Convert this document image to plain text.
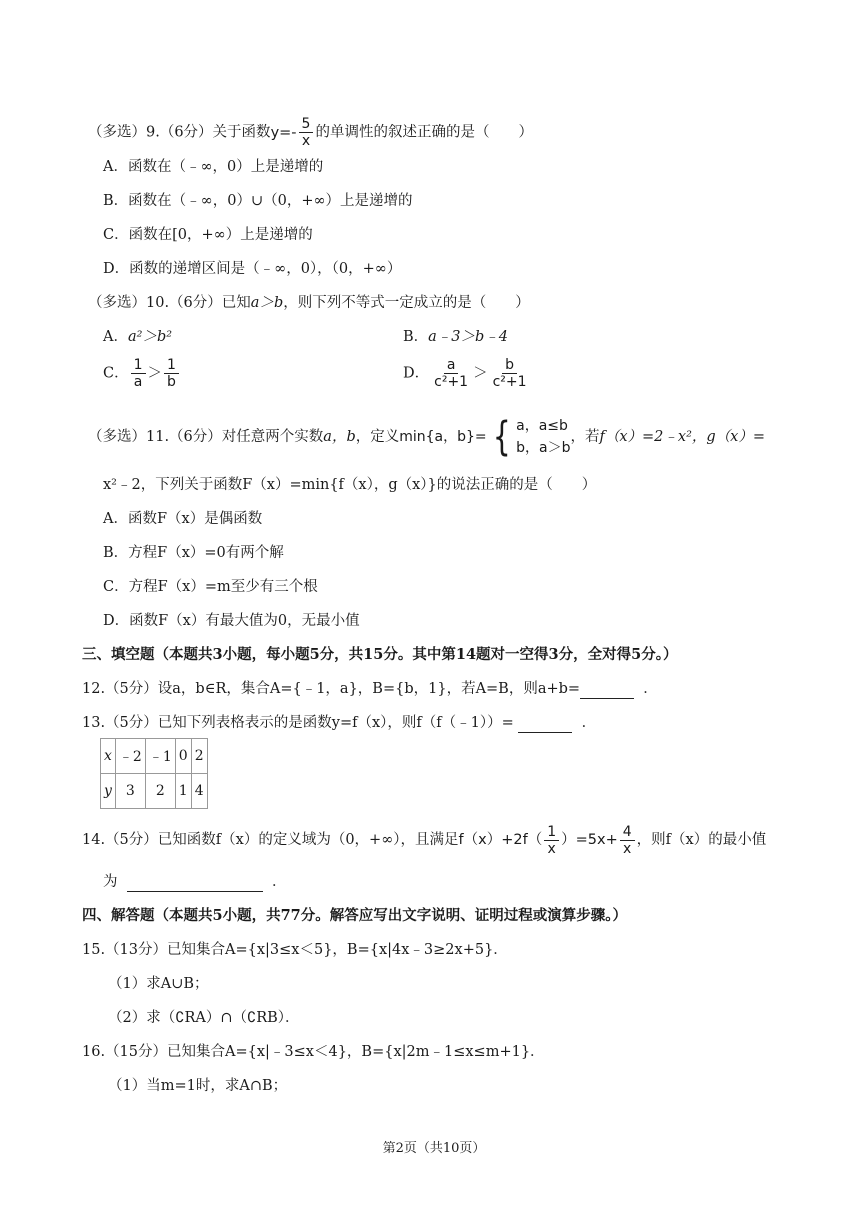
（多选）9.（6分）关于函数$y=- \frac{5}{x}$ 的单调性的叙述正确的是（　　）
A．函数在（﹣∞，0）上是递增的
B．函数在（﹣∞，0）∪（0，+∞）上是递增的
C．函数在[0，+∞）上是递增的
D．函数的递增区间是（﹣∞，0），（0，+∞）
（多选）10.（6分）已知a＞b，则下列不等式一定成立的是（　　）
A．a²＞b²	B．a﹣3＞b﹣4
C． $\frac{1}{a} > \frac{1}{b}$	D． $\frac{a}{\text{c²+1}} > \frac{b}{\text{c²+1}}$
（多选）11.（6分）对任意两个实数a，b，定义 min{a，b}= { a，a≤b
b，a＞b
，若f（x）=2﹣x²，g（x）=
x²﹣2，下列关于函数F（x）=min{f（x），g（x）}的说法正确的是（　　）
A．函数F（x）是偶函数
B．方程F（x）=0有两个解
C．方程F（x）=m至少有三个根
D．函数F（x）有最大值为0，无最小值
三、填空题（本题共3小题，每小题5分，共15分。其中第14题对一空得3分，全对得5分。）
12.（5分）设a，b∈R，集合A={﹣1，a}，B={b，1}，若A=B，则a+b=	．
13.（5分）已知下列表格表示的是函数y=f（x），则f（f（﹣1））=	．
x	﹣2	﹣1	0	2
y	3	2	1	4
14.（5分）已知函数f（x）的定义域为（0，+∞），且满足$f(x)+2f( \frac{1}{x} )=5x+ \frac{4}{x}$ ，则f（x）的最小值
为	．
四、解答题（本题共5小题，共77分。解答应写出文字说明、证明过程或演算步骤。）
15.（13分）已知集合A={x|3≤x＜5}，B={x|4x﹣3≥2x+5}．
（1）求A∪B；
（2）求（∁RA）∩（∁RB）．
16.（15分）已知集合A={x|﹣3≤x＜4}，B={x|2m﹣1≤x≤m+1}．
（1）当m=1时，求A∩B；
第2页（共10页）
